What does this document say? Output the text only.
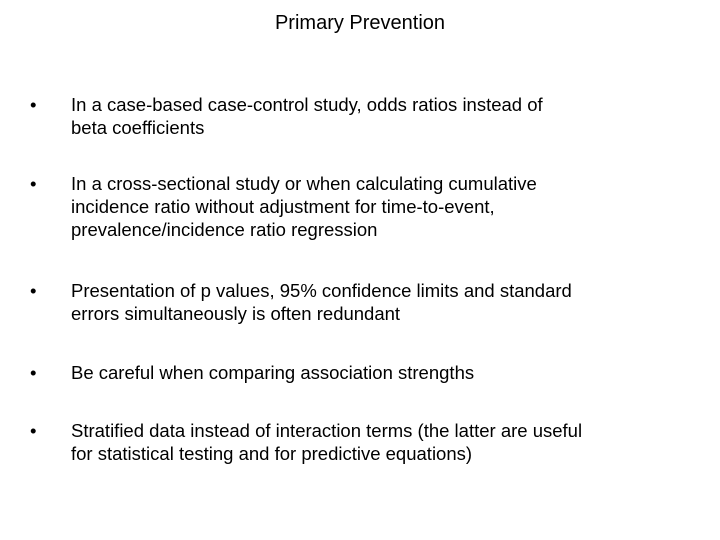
Primary Prevention
•	In a case-based case-control study, odds ratios instead of
beta coefficients
•	In a cross-sectional study or when calculating cumulative
incidence ratio without adjustment for time-to-event,
prevalence/incidence ratio regression
•	Presentation of p values, 95% confidence limits and standard
errors simultaneously is often redundant
•	Be careful when comparing association strengths
•	Stratified data instead of interaction terms (the latter are useful
for statistical testing and for predictive equations)
